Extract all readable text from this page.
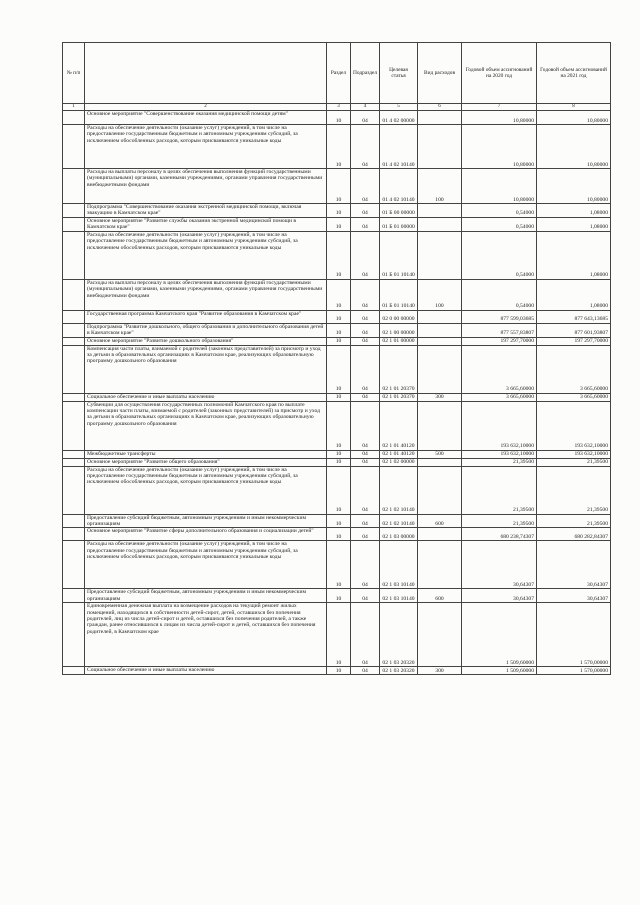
№ п/п		Раздел	Подраздел	Целевая статья	Вид расходов	Годовой объем ассигнований на 2020 год	Годовой объем ассигнований на 2021 год
1	2	3	4	5	6	7	8
	Основное мероприятие "Совершенствование оказания медицинской помощи детям"	10	04	01 4 02 00000		10,80000	10,80000
	Расходы на обеспечение деятельности (оказание услуг) учреждений, в том числе на предоставление государственным бюджетным и автономным учреждениям субсидий, за исключением обособленных расходов, которым присваиваются уникальные коды	10	04	01 4 02 10140		10,80000	10,80000
	Расходы на выплаты персоналу в целях обеспечения выполнения функций государственными (муниципальными) органами, казенными учреждениями, органами управления государственными внебюджетными фондами	10	04	01 4 02 10140	100	10,80000	10,80000
	Подпрограмма "Совершенствование оказания экстренной медицинской помощи, включая эвакуацию в Камчатском крае"	10	04	01 Б 00 00000		0,54000	1,08000
	Основное мероприятие "Развитие службы оказания экстренной медицинской помощи в Камчатском крае"	10	04	01 Б 01 00000		0,54000	1,08000
	Расходы на обеспечение деятельности (оказание услуг) учреждений, в том числе на предоставление государственным бюджетным и автономным учреждениям субсидий, за исключением обособленных расходов, которым присваиваются уникальные коды	10	04	01 Б 01 10140		0,54000	1,08000
	Расходы на выплаты персоналу в целях обеспечения выполнения функций государственными (муниципальными) органами, казенными учреждениями, органами управления государственными внебюджетными фондами	10	04	01 Б 01 10140	100	0,54000	1,08000
	Государственная программа Камчатского края "Развитие образования в Камчатском крае"	10	04	02 0 00 00000		877 599,03685	877 643,13685
	Подпрограмма "Развитие дошкольного, общего образования и дополнительного образования детей в Камчатском крае"	10	04	02 1 00 00000		877 557,83807	877 601,93807
	Основное мероприятие "Развитие дошкольного образования"	10	04	02 1 01 00000		197 297,70000	197 297,70000
	Компенсация части платы, взимаемой с родителей (законных представителей) за присмотр и уход за детьми в образовательных организациях в Камчатском крае, реализующих образовательную программу дошкольного образования	10	04	02 1 01 20370		3 665,60000	3 665,60000
	Социальное обеспечение и иные выплаты населению	10	04	02 1 01 20370	300	3 665,60000	3 665,60000
	Субвенции для осуществления государственных полномочий Камчатского края по выплате компенсации части платы, взимаемой с родителей (законных представителей) за присмотр и уход за детьми в образовательных организациях в Камчатском крае, реализующих образовательную программу дошкольного образования	10	04	02 1 01 40120		193 632,10000	193 632,10000
	Межбюджетные трансферты	10	04	02 1 01 40120	500	193 632,10000	193 632,10000
	Основное мероприятие "Развитие общего образования"	10	04	02 1 02 00000		21,39500	21,39500
	Расходы на обеспечение деятельности (оказание услуг) учреждений, в том числе на предоставление государственным бюджетным и автономным учреждениям субсидий, за исключением обособленных расходов, которым присваиваются уникальные коды	10	04	02 1 02 10140		21,39500	21,39500
	Предоставление субсидий бюджетным, автономным учреждениям и иным некоммерческим организациям	10	04	02 1 02 10140	600	21,39500	21,39500
	Основное мероприятие "Развитие сферы дополнительного образования и социализации детей"	10	04	02 1 03 00000		680 238,74307	680 282,84307
	Расходы на обеспечение деятельности (оказание услуг) учреждений, в том числе на предоставление государственным бюджетным и автономным учреждениям субсидий, за исключением обособленных расходов, которым присваиваются уникальные коды	10	04	02 1 03 10140		30,64307	30,64307
	Предоставление субсидий бюджетным, автономным учреждениям и иным некоммерческим организациям	10	04	02 1 03 10140	600	30,64307	30,64307
	Единовременная денежная выплата на возмещение расходов на текущий ремонт жилых помещений, находящихся в собственности детей-сирот, детей, оставшихся без попечения родителей, лиц из числа детей-сирот и детей, оставшихся без попечения родителей, а также граждан, ранее относившихся к лицам из числа детей-сирот и детей, оставшихся без попечения родителей, в Камчатском крае	10	04	02 1 03 20320		1 509,60000	1 570,00000
	Социальное обеспечение и иные выплаты населению	10	04	02 1 03 20320	300	1 509,60000	1 570,00000
